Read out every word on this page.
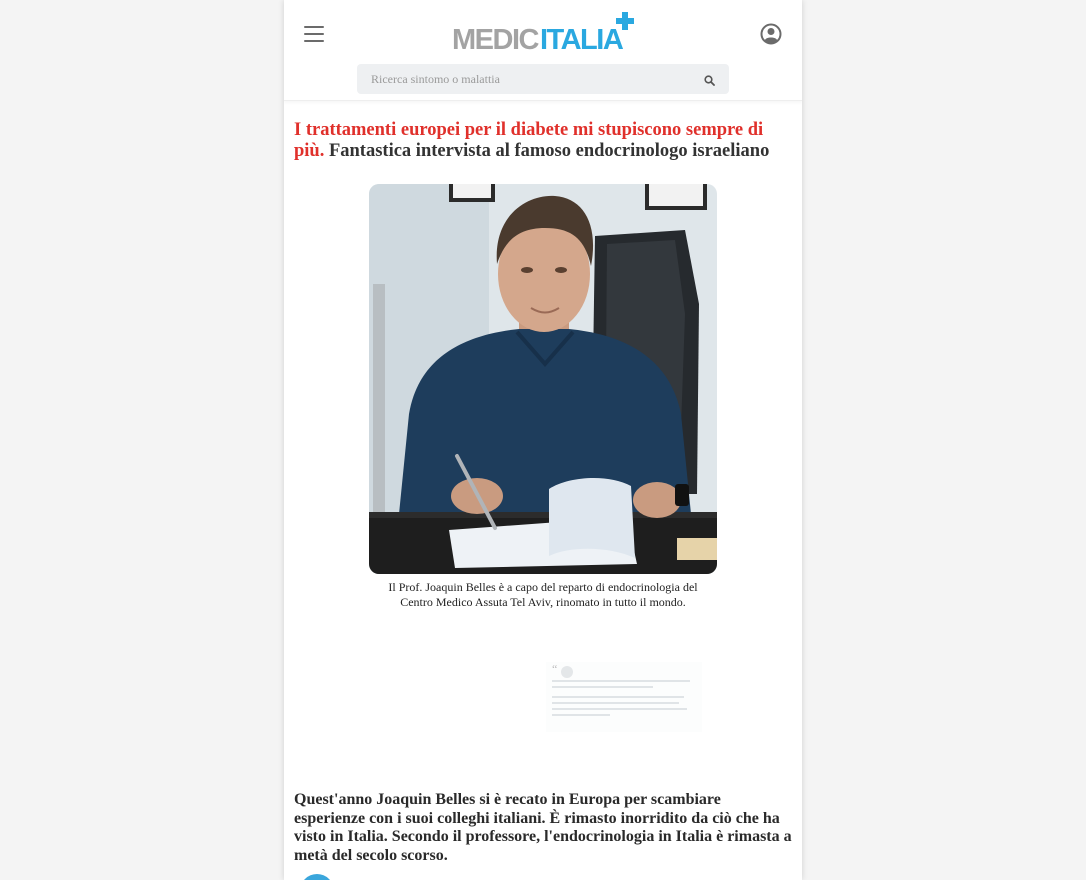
MEDIC ITALIA
Ricerca sintomo o malattia
I trattamenti europei per il diabete mi stupiscono sempre di più. Fantastica intervista al famoso endocrinologo israeliano
Il Prof. Joaquin Belles è a capo del reparto di endocrinologia del Centro Medico Assuta Tel Aviv, rinomato in tutto il mondo.
“
Quest'anno Joaquin Belles si è recato in Europa per scambiare esperienze con i suoi colleghi italiani. È rimasto inorridito da ciò che ha visto in Italia. Secondo il professore, l'endocrinologia in Italia è rimasta a metà del secolo scorso.
